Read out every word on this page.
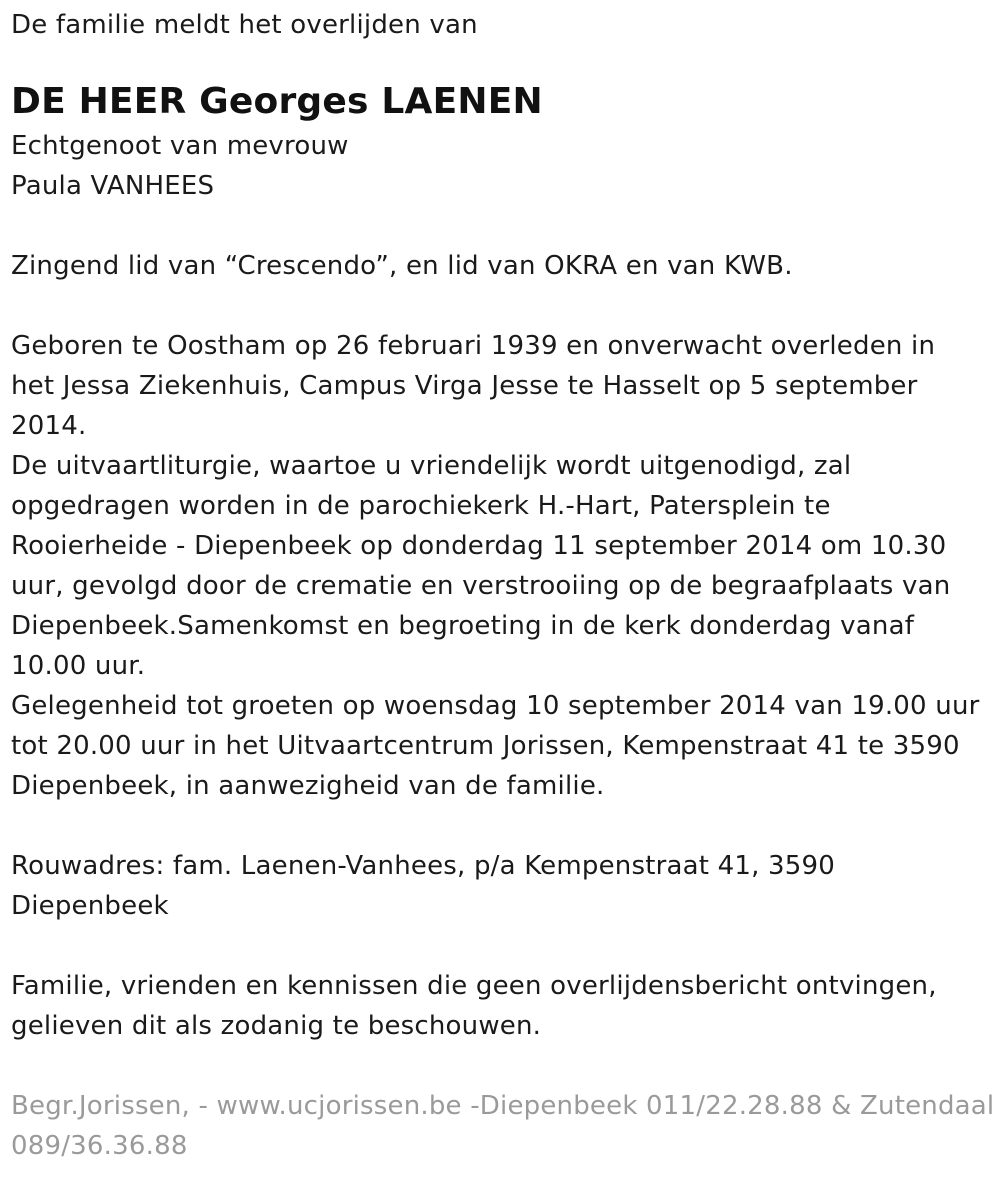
De familie meldt het overlijden van
DE HEER Georges LAENEN
Echtgenoot van mevrouw
Paula VANHEES
Zingend lid van “Crescendo”, en lid van OKRA en van KWB.
Geboren te Oostham op 26 februari 1939 en onverwacht overleden in
het Jessa Ziekenhuis, Campus Virga Jesse te Hasselt op 5 september
2014.
De uitvaartliturgie, waartoe u vriendelijk wordt uitgenodigd, zal
opgedragen worden in de parochiekerk H.-Hart, Patersplein te
Rooierheide - Diepenbeek op donderdag 11 september 2014 om 10.30
uur, gevolgd door de crematie en verstrooiing op de begraafplaats van
Diepenbeek.Samenkomst en begroeting in de kerk donderdag vanaf
10.00 uur.
Gelegenheid tot groeten op woensdag 10 september 2014 van 19.00 uur
tot 20.00 uur in het Uitvaartcentrum Jorissen, Kempenstraat 41 te 3590
Diepenbeek, in aanwezigheid van de familie.
Rouwadres: fam. Laenen-Vanhees, p/a Kempenstraat 41, 3590
Diepenbeek
Familie, vrienden en kennissen die geen overlijdensbericht ontvingen,
gelieven dit als zodanig te beschouwen.
Begr.Jorissen, - www.ucjorissen.be -Diepenbeek 011/22.28.88 & Zutendaal
089/36.36.88
